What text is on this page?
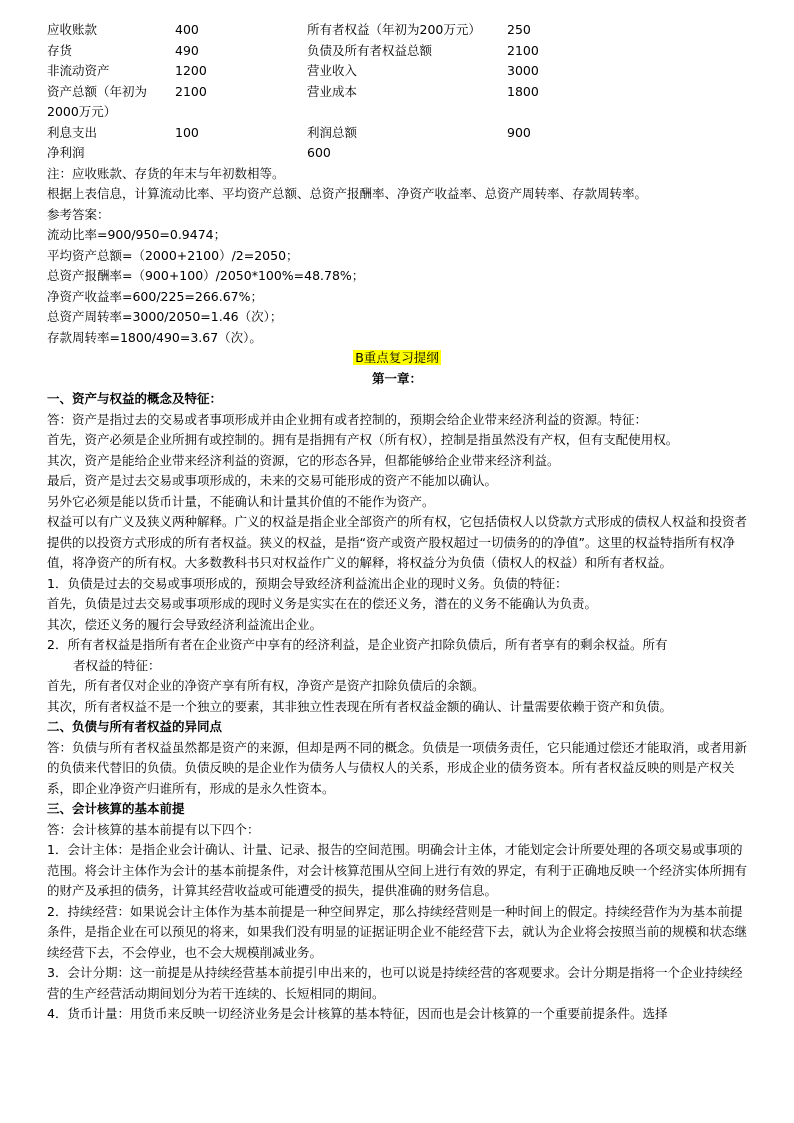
应收账款	400	所有者权益（年初为200万元）	250
存货	490	负债及所有者权益总额	2100
非流动资产	1200	营业收入	3000
资产总额（年初为2000万元）	2100	营业成本	1800
利息支出	100	利润总额	900
净利润		600	

注：应收账款、存货的年末与年初数相等。

根据上表信息，计算流动比率、平均资产总额、总资产报酬率、净资产收益率、总资产周转率、存款周转率。

参考答案：

流动比率=900/950=0.9474；

平均资产总额=（2000+2100）/2=2050；

总资产报酬率=（900+100）/2050*100%=48.78%；

净资产收益率=600/225=266.67%；

总资产周转率=3000/2050=1.46（次）；

存款周转率=1800/490=3.67（次）。

B重点复习提纲

第一章：

一、资产与权益的概念及特征：

答：资产是指过去的交易或者事项形成并由企业拥有或者控制的，预期会给企业带来经济利益的资源。特征：

首先，资产必须是企业所拥有或控制的。拥有是指拥有产权（所有权），控制是指虽然没有产权，但有支配使用权。

其次，资产是能给企业带来经济利益的资源，它的形态各异，但都能够给企业带来经济利益。

最后，资产是过去交易或事项形成的，未来的交易可能形成的资产不能加以确认。

另外它必须是能以货币计量，不能确认和计量其价值的不能作为资产。

权益可以有广义及狭义两种解释。广义的权益是指企业全部资产的所有权，它包括债权人以贷款方式形成的债权人权益和投资者提供的以投资方式形成的所有者权益。狭义的权益，是指“资产或资产股权超过一切债务的的净值”。这里的权益特指所有权净值，将净资产的所有权。大多数教科书只对权益作广义的解释，将权益分为负债（债权人的权益）和所有者权益。

1．负债是过去的交易或事项形成的，预期会导致经济利益流出企业的现时义务。负债的特征：

首先，负债是过去交易或事项形成的现时义务是实实在在的偿还义务，潜在的义务不能确认为负责。

其次，偿还义务的履行会导致经济利益流出企业。

2．所有者权益是指所有者在企业资产中享有的经济利益，是企业资产扣除负债后，所有者享有的剩余权益。所有

者权益的特征：

首先，所有者仅对企业的净资产享有所有权，净资产是资产扣除负债后的余额。

其次，所有者权益不是一个独立的要素，其非独立性表现在所有者权益金额的确认、计量需要依赖于资产和负债。

二、负债与所有者权益的异同点

答：负债与所有者权益虽然都是资产的来源，但却是两不同的概念。负债是一项债务责任，它只能通过偿还才能取消，或者用新的负债来代替旧的负债。负债反映的是企业作为债务人与债权人的关系，形成企业的债务资本。所有者权益反映的则是产权关系，即企业净资产归谁所有，形成的是永久性资本。

三、会计核算的基本前提

答：会计核算的基本前提有以下四个：

1．会计主体：是指企业会计确认、计量、记录、报告的空间范围。明确会计主体，才能划定会计所要处理的各项交易或事项的范围。将会计主体作为会计的基本前提条件，对会计核算范围从空间上进行有效的界定，有利于正确地反映一个经济实体所拥有的财产及承担的债务，计算其经营收益或可能遭受的损失，提供准确的财务信息。

2．持续经营：如果说会计主体作为基本前提是一种空间界定，那么持续经营则是一种时间上的假定。持续经营作为为基本前提条件，是指企业在可以预见的将来，如果我们没有明显的证据证明企业不能经营下去，就认为企业将会按照当前的规模和状态继续经营下去，不会停业，也不会大规模削减业务。

3．会计分期：这一前提是从持续经营基本前提引申出来的，也可以说是持续经营的客观要求。会计分期是指将一个企业持续经营的生产经营活动期间划分为若干连续的、长短相同的期间。

4．货币计量：用货币来反映一切经济业务是会计核算的基本特征，因而也是会计核算的一个重要前提条件。选择
